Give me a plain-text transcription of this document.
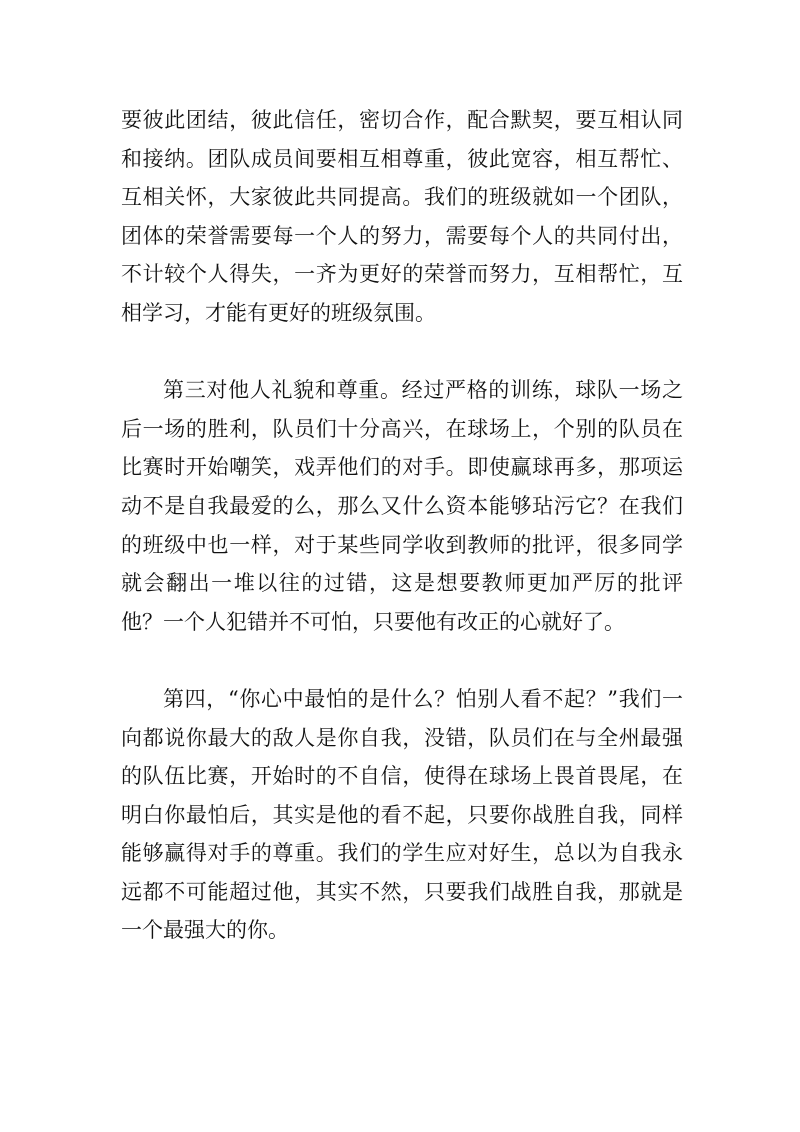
要彼此团结，彼此信任，密切合作，配合默契，要互相认同和接纳。团队成员间要相互相尊重，彼此宽容，相互帮忙、互相关怀，大家彼此共同提高。我们的班级就如一个团队，团体的荣誉需要每一个人的努力，需要每个人的共同付出，不计较个人得失，一齐为更好的荣誉而努力，互相帮忙，互相学习，才能有更好的班级氛围。

第三对他人礼貌和尊重。经过严格的训练，球队一场之后一场的胜利，队员们十分高兴，在球场上，个别的队员在比赛时开始嘲笑，戏弄他们的对手。即使赢球再多，那项运动不是自我最爱的么，那么又什么资本能够玷污它？在我们的班级中也一样，对于某些同学收到教师的批评，很多同学就会翻出一堆以往的过错，这是想要教师更加严厉的批评他？一个人犯错并不可怕，只要他有改正的心就好了。

第四，“你心中最怕的是什么？怕别人看不起？”我们一向都说你最大的敌人是你自我，没错，队员们在与全州最强的队伍比赛，开始时的不自信，使得在球场上畏首畏尾，在明白你最怕后，其实是他的看不起，只要你战胜自我，同样能够赢得对手的尊重。我们的学生应对好生，总以为自我永远都不可能超过他，其实不然，只要我们战胜自我，那就是一个最强大的你。
